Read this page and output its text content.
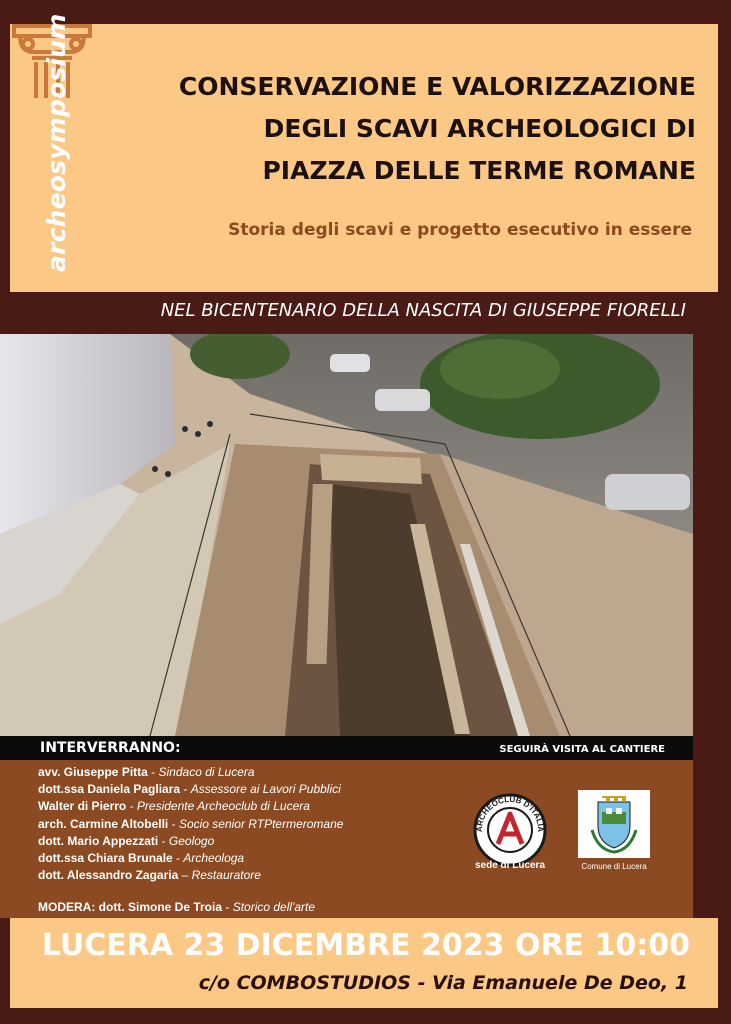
archeosymposium	CONSERVAZIONE E VALORIZZAZIONE
DEGLI SCAVI ARCHEOLOGICI DI
PIAZZA DELLE TERME ROMANE
Storia degli scavi e progetto esecutivo in essere
NEL BICENTENARIO DELLA NASCITA DI GIUSEPPE FIORELLI
INTERVERRANNO:	SEGUIRÀ VISITA AL CANTIERE
avv. Giuseppe Pitta - Sindaco di Lucera
dott.ssa Daniela Pagliara - Assessore ai Lavori Pubblici
Walter di Pierro - Presidente Archeoclub di Lucera
arch. Carmine Altobelli - Socio senior RTPtermeromane
dott. Mario Appezzati - Geologo
dott.ssa Chiara Brunale - Archeologa
dott. Alessandro Zagaria – Restauratore
MODERA: dott. Simone De Troia - Storico dell'arte
ARCHEOCLUB D'ITALIA
sede di Lucera	Comune di Lucera
LUCERA 23 DICEMBRE 2023 ORE 10:00
c/o COMBOSTUDIOS - Via Emanuele De Deo, 1
